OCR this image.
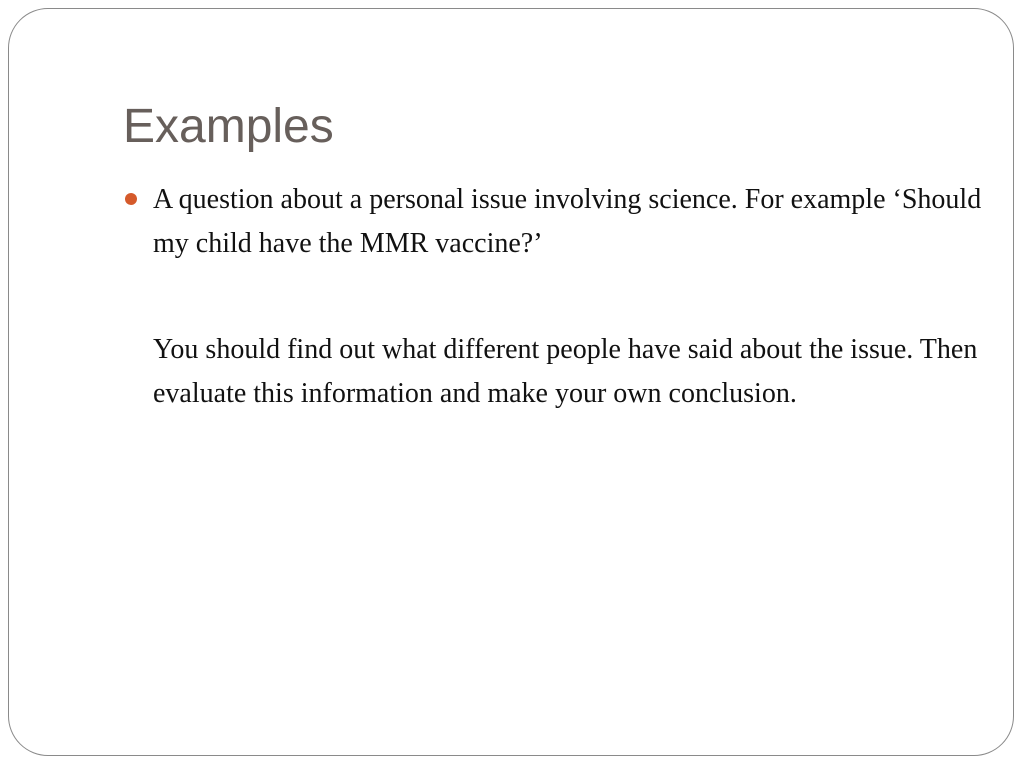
Examples
A question about a personal issue involving science. For example ‘Should my child have the MMR vaccine?’
You should find out what different people have said about the issue. Then evaluate this information and make your own conclusion.
